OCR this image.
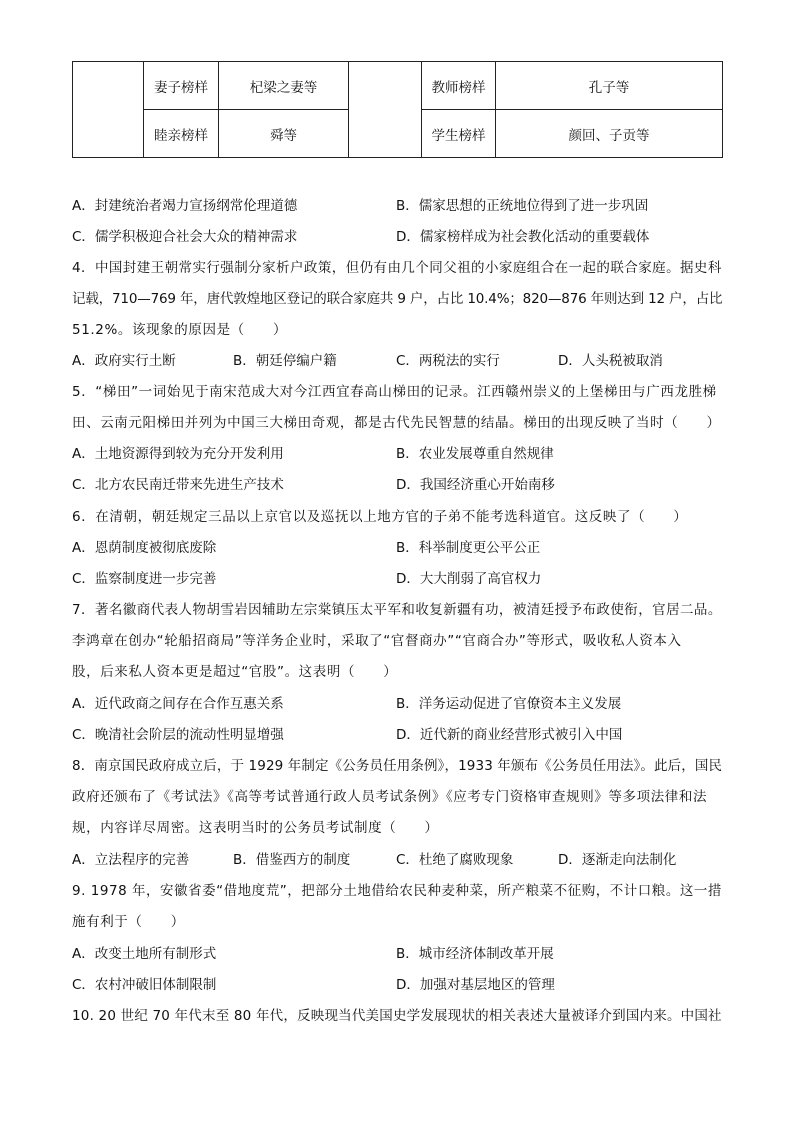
	妻子榜样	杞梁之妻等		教师榜样	孔子等
	睦亲榜样	舜等		学生榜样	颜回、子贡等
A．封建统治者竭力宣扬纲常伦理道德	B．儒家思想的正统地位得到了进一步巩固
C．儒学积极迎合社会大众的精神需求	D．儒家榜样成为社会教化活动的重要载体
4．中国封建王朝常实行强制分家析户政策，但仍有由几个同父祖的小家庭组合在一起的联合家庭。据史科
记载，710—769 年，唐代敦煌地区登记的联合家庭共 9 户，占比 10.4%；820—876 年则达到 12 户，占比
51.2%。该现象的原因是（　　）
A．政府实行土断	B．朝廷停编户籍	C．两税法的实行	D．人头税被取消
5．“梯田”一词始见于南宋范成大对今江西宜春高山梯田的记录。江西赣州崇义的上堡梯田与广西龙胜梯
田、云南元阳梯田并列为中国三大梯田奇观，都是古代先民智慧的结晶。梯田的出现反映了当时（　　）
A．土地资源得到较为充分开发利用	B．农业发展尊重自然规律
C．北方农民南迁带来先进生产技术	D．我国经济重心开始南移
6．在清朝，朝廷规定三品以上京官以及巡抚以上地方官的子弟不能考选科道官。这反映了（　　）
A．恩荫制度被彻底废除	B．科举制度更公平公正
C．监察制度进一步完善	D．大大削弱了高官权力
7．著名徽商代表人物胡雪岩因辅助左宗棠镇压太平军和收复新疆有功，被清廷授予布政使衔，官居二品。
李鸿章在创办“轮船招商局”等洋务企业时，采取了“官督商办”“官商合办”等形式，吸收私人资本入
股，后来私人资本更是超过“官股”。这表明（　　）
A．近代政商之间存在合作互惠关系	B．洋务运动促进了官僚资本主义发展
C．晚清社会阶层的流动性明显增强	D．近代新的商业经营形式被引入中国
8．南京国民政府成立后，于 1929 年制定《公务员任用条例》，1933 年颁布《公务员任用法》。此后，国民
政府还颁布了《考试法》《高等考试普通行政人员考试条例》《应考专门资格审查规则》等多项法律和法
规，内容详尽周密。这表明当时的公务员考试制度（　　）
A．立法程序的完善	B．借鉴西方的制度	C．杜绝了腐败现象	D．逐渐走向法制化
9. 1978 年，安徽省委“借地度荒”，把部分土地借给农民种麦种菜，所产粮菜不征购，不计口粮。这一措
施有利于（　　）
A．改变土地所有制形式	B．城市经济体制改革开展
C．农村冲破旧体制限制	D．加强对基层地区的管理
10. 20 世纪 70 年代末至 80 年代，反映现当代美国史学发展现状的相关表述大量被译介到国内来。中国社
